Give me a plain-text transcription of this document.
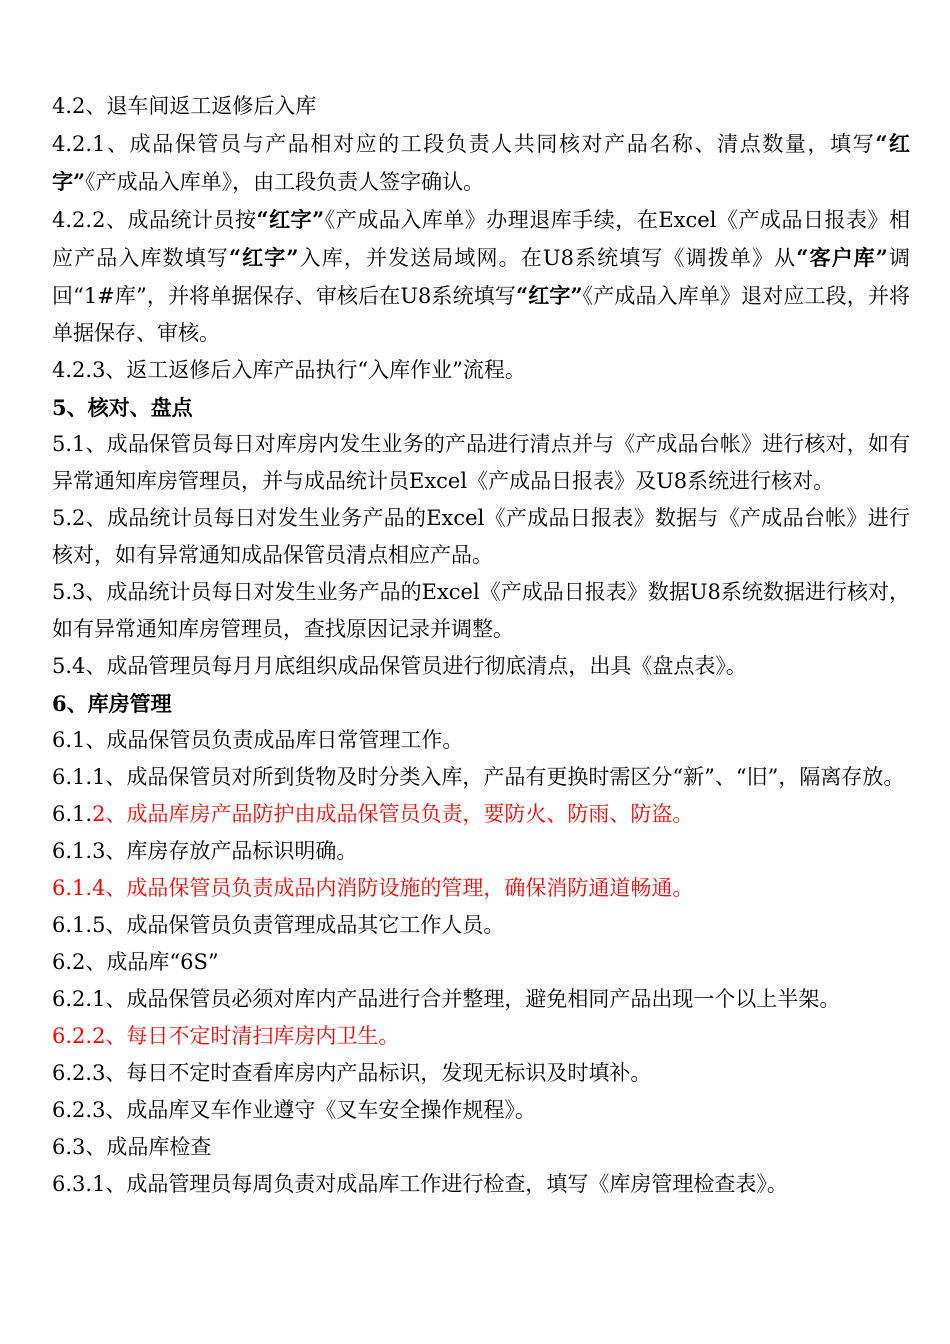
4.2、退车间返工返修后入库

4.2.1、成品保管员与产品相对应的工段负责人共同核对产品名称、清点数量，填写“红字”《产成品入库单》，由工段负责人签字确认。

4.2.2、成品统计员按“红字”《产成品入库单》办理退库手续，在Excel《产成品日报表》相应产品入库数填写“红字”入库，并发送局域网。在U8系统填写《调拨单》从“客户库”调回“1#库”，并将单据保存、审核后在U8系统填写“红字”《产成品入库单》退对应工段，并将单据保存、审核。

4.2.3、返工返修后入库产品执行“入库作业”流程。

5、核对、盘点

5.1、成品保管员每日对库房内发生业务的产品进行清点并与《产成品台帐》进行核对，如有异常通知库房管理员，并与成品统计员Excel《产成品日报表》及U8系统进行核对。

5.2、成品统计员每日对发生业务产品的Excel《产成品日报表》数据与《产成品台帐》进行核对，如有异常通知成品保管员清点相应产品。

5.3、成品统计员每日对发生业务产品的Excel《产成品日报表》数据U8系统数据进行核对，如有异常通知库房管理员，查找原因记录并调整。

5.4、成品管理员每月月底组织成品保管员进行彻底清点，出具《盘点表》。

6、库房管理

6.1、成品保管员负责成品库日常管理工作。

6.1.1、成品保管员对所到货物及时分类入库，产品有更换时需区分“新”、“旧”，隔离存放。

6.1.2、成品库房产品防护由成品保管员负责，要防火、防雨、防盗。

6.1.3、库房存放产品标识明确。

6.1.4、成品保管员负责成品内消防设施的管理，确保消防通道畅通。

6.1.5、成品保管员负责管理成品其它工作人员。

6.2、成品库“6S”

6.2.1、成品保管员必须对库内产品进行合并整理，避免相同产品出现一个以上半架。

6.2.2、每日不定时清扫库房内卫生。

6.2.3、每日不定时查看库房内产品标识，发现无标识及时填补。

6.2.3、成品库叉车作业遵守《叉车安全操作规程》。

6.3、成品库检查

6.3.1、成品管理员每周负责对成品库工作进行检查，填写《库房管理检查表》。
